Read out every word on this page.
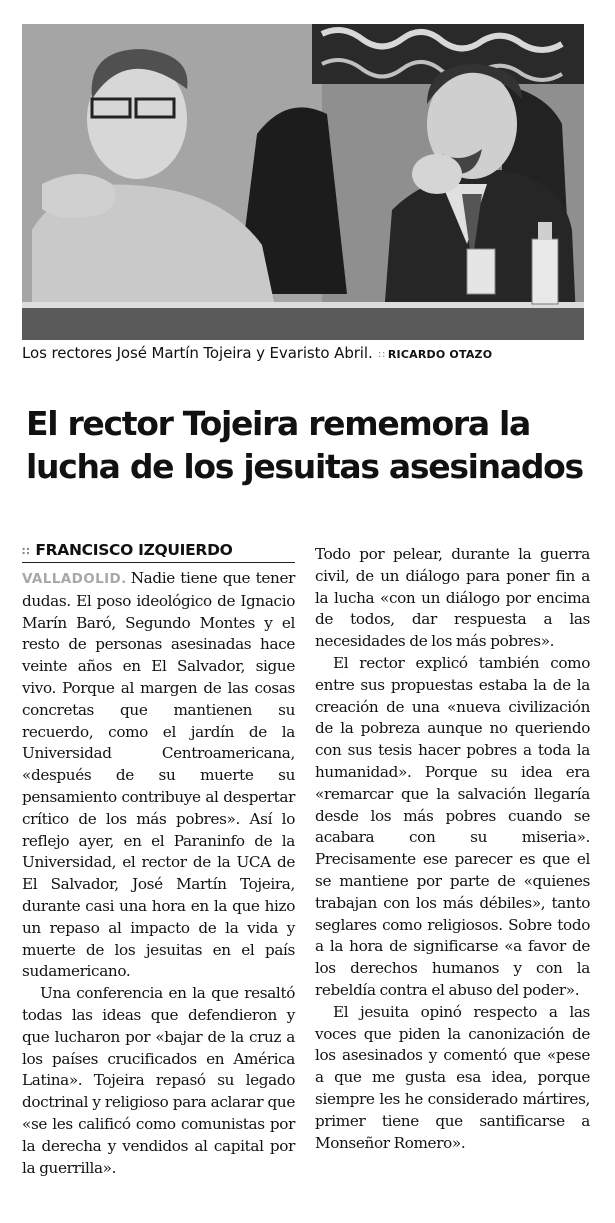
Los rectores José Martín Tojeira y Evaristo Abril. ∷ RICARDO OTAZO
El rector Tojeira rememora la
lucha de los jesuitas asesinados
∷ FRANCISCO IZQUIERDO

VALLADOLID. Nadie tiene que tener dudas. El poso ideológico de Ignacio Marín Baró, Segundo Montes y el resto de personas asesinadas hace veinte años en El Salvador, sigue vivo. Porque al margen de las cosas concretas que mantienen su recuerdo, como el jardín de la Universidad Centroamericana, «después de su muerte su pensamiento contribuye al despertar crítico de los más pobres». Así lo reflejo ayer, en el Paraninfo de la Universidad, el rector de la UCA de El Salvador, José Martín Tojeira, durante casi una hora en la que hizo un repaso al impacto de la vida y muerte de los jesuitas en el país sudamericano.

Una conferencia en la que resaltó todas las ideas que defendieron y que lucharon por «bajar de la cruz a los países crucificados en América Latina». Tojeira repasó su legado doctrinal y religioso para aclarar que «se les calificó como comunistas por la derecha y vendidos al capital por la guerrilla».

Todo por pelear, durante la guerra civil, de un diálogo para poner fin a la lucha «con un diálogo por encima de todos, dar respuesta a las necesidades de los más pobres».

El rector explicó también como entre sus propuestas estaba la de la creación de una «nueva civilización de la pobreza aunque no queriendo con sus tesis hacer pobres a toda la humanidad». Porque su idea era «remarcar que la salvación llegaría desde los más pobres cuando se acabara con su miseria». Precisamente ese parecer es que el se mantiene por parte de «quienes trabajan con los más débiles», tanto seglares como religiosos. Sobre todo a la hora de significarse «a favor de los derechos humanos y con la rebeldía contra el abuso del poder».

El jesuita opinó respecto a las voces que piden la canonización de los asesinados y comentó que «pese a que me gusta esa idea, porque siempre les he considerado mártires, primer tiene que santificarse a Monseñor Romero».
